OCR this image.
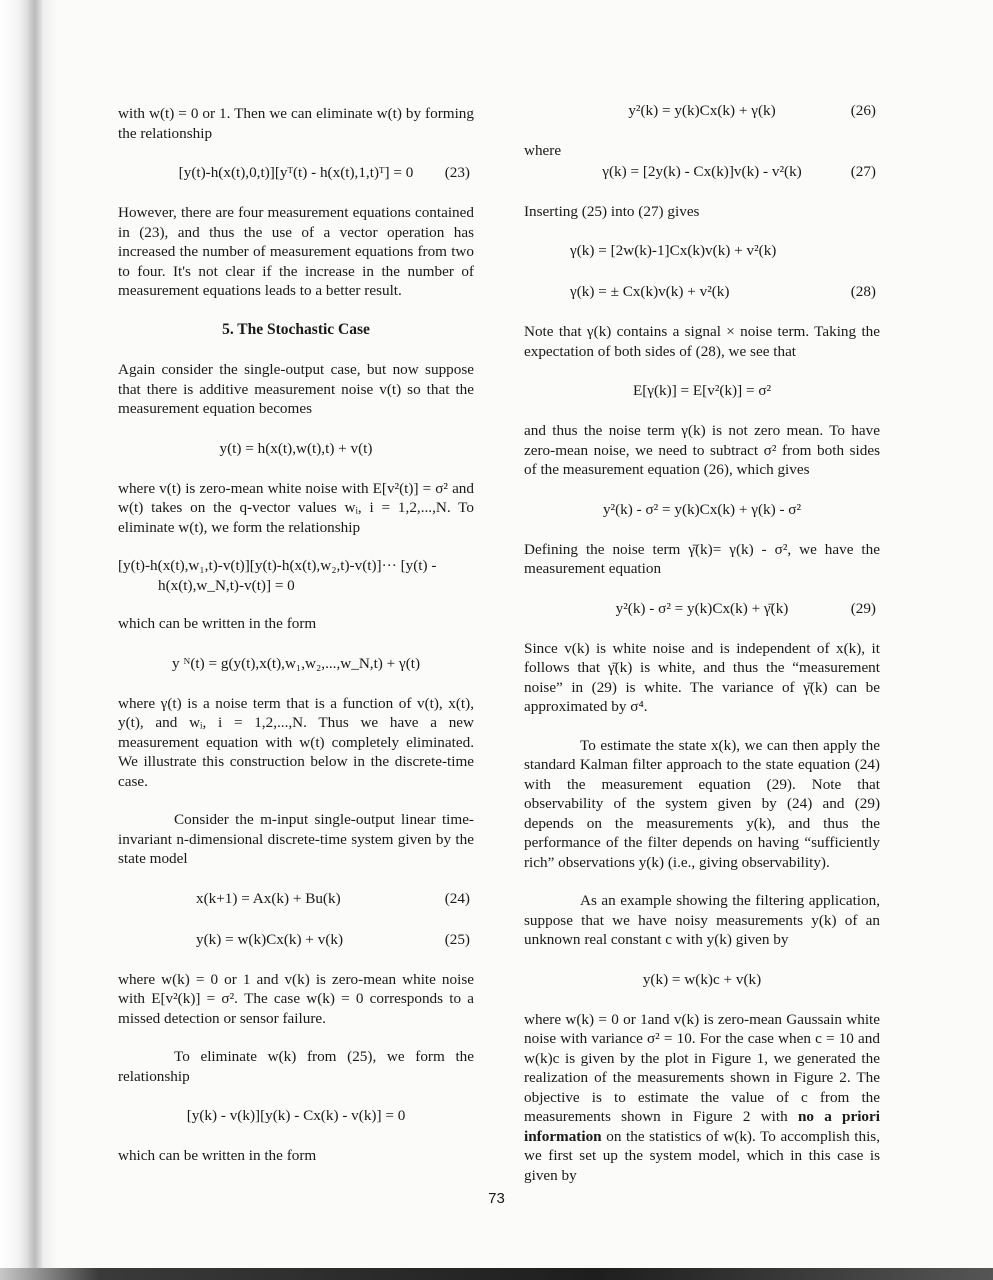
with w(t) = 0 or 1. Then we can eliminate w(t) by forming the relationship

[y(t)-h(x(t),0,t)][yᵀ(t) - h(x(t),1,t)ᵀ] = 0 (23)

However, there are four measurement equations contained in (23), and thus the use of a vector operation has increased the number of measurement equations from two to four. It's not clear if the increase in the number of measurement equations leads to a better result.

5. The Stochastic Case

Again consider the single-output case, but now suppose that there is additive measurement noise v(t) so that the measurement equation becomes

y(t) = h(x(t),w(t),t) + v(t)

where v(t) is zero-mean white noise with E[v²(t)] = σ² and w(t) takes on the q-vector values wᵢ, i = 1,2,...,N. To eliminate w(t), we form the relationship

[y(t)-h(x(t),w₁,t)-v(t)][y(t)-h(x(t),w₂,t)-v(t)]··· [y(t) -
h(x(t),w_N,t)-v(t)] = 0

which can be written in the form

y ᴺ(t) = g(y(t),x(t),w₁,w₂,...,w_N,t) + γ(t)

where γ(t) is a noise term that is a function of v(t), x(t), y(t), and wᵢ, i = 1,2,...,N. Thus we have a new measurement equation with w(t) completely eliminated. We illustrate this construction below in the discrete-time case.

Consider the m-input single-output linear time-invariant n-dimensional discrete-time system given by the state model

x(k+1) = Ax(k) + Bu(k)	(24)
y(k) = w(k)Cx(k) + v(k)	(25)

where w(k) = 0 or 1 and v(k) is zero-mean white noise with E[v²(k)] = σ². The case w(k) = 0 corresponds to a missed detection or sensor failure.

To eliminate w(k) from (25), we form the relationship

[y(k) - v(k)][y(k) - Cx(k) - v(k)] = 0

which can be written in the form

y²(k) = y(k)Cx(k) + γ(k)	(26)

where

γ(k) = [2y(k) - Cx(k)]v(k) - v²(k)	(27)

Inserting (25) into (27) gives

γ(k) = [2w(k)-1]Cx(k)v(k) + v²(k)
γ(k) = ± Cx(k)v(k) + v²(k)	(28)

Note that γ(k) contains a signal × noise term. Taking the expectation of both sides of (28), we see that

E[γ(k)] = E[v²(k)] = σ²

and thus the noise term γ(k) is not zero mean. To have zero-mean noise, we need to subtract σ² from both sides of the measurement equation (26), which gives

y²(k) - σ² = y(k)Cx(k) + γ(k) - σ²

Defining the noise term γ̄(k)= γ(k) - σ², we have the measurement equation

y²(k) - σ² = y(k)Cx(k) + γ̄(k)	(29)

Since v(k) is white noise and is independent of x(k), it follows that γ̄(k) is white, and thus the “measurement noise” in (29) is white. The variance of γ̄(k) can be approximated by σ⁴.

To estimate the state x(k), we can then apply the standard Kalman filter approach to the state equation (24) with the measurement equation (29). Note that observability of the system given by (24) and (29) depends on the measurements y(k), and thus the performance of the filter depends on having “sufficiently rich” observations y(k) (i.e., giving observability).

As an example showing the filtering application, suppose that we have noisy measurements y(k) of an unknown real constant c with y(k) given by

y(k) = w(k)c + v(k)

where w(k) = 0 or 1and v(k) is zero-mean Gaussain white noise with variance σ² = 10. For the case when c = 10 and w(k)c is given by the plot in Figure 1, we generated the realization of the measurements shown in Figure 2. The objective is to estimate the value of c from the measurements shown in Figure 2 with no a priori information on the statistics of w(k). To accomplish this, we first set up the system model, which in this case is given by

73
